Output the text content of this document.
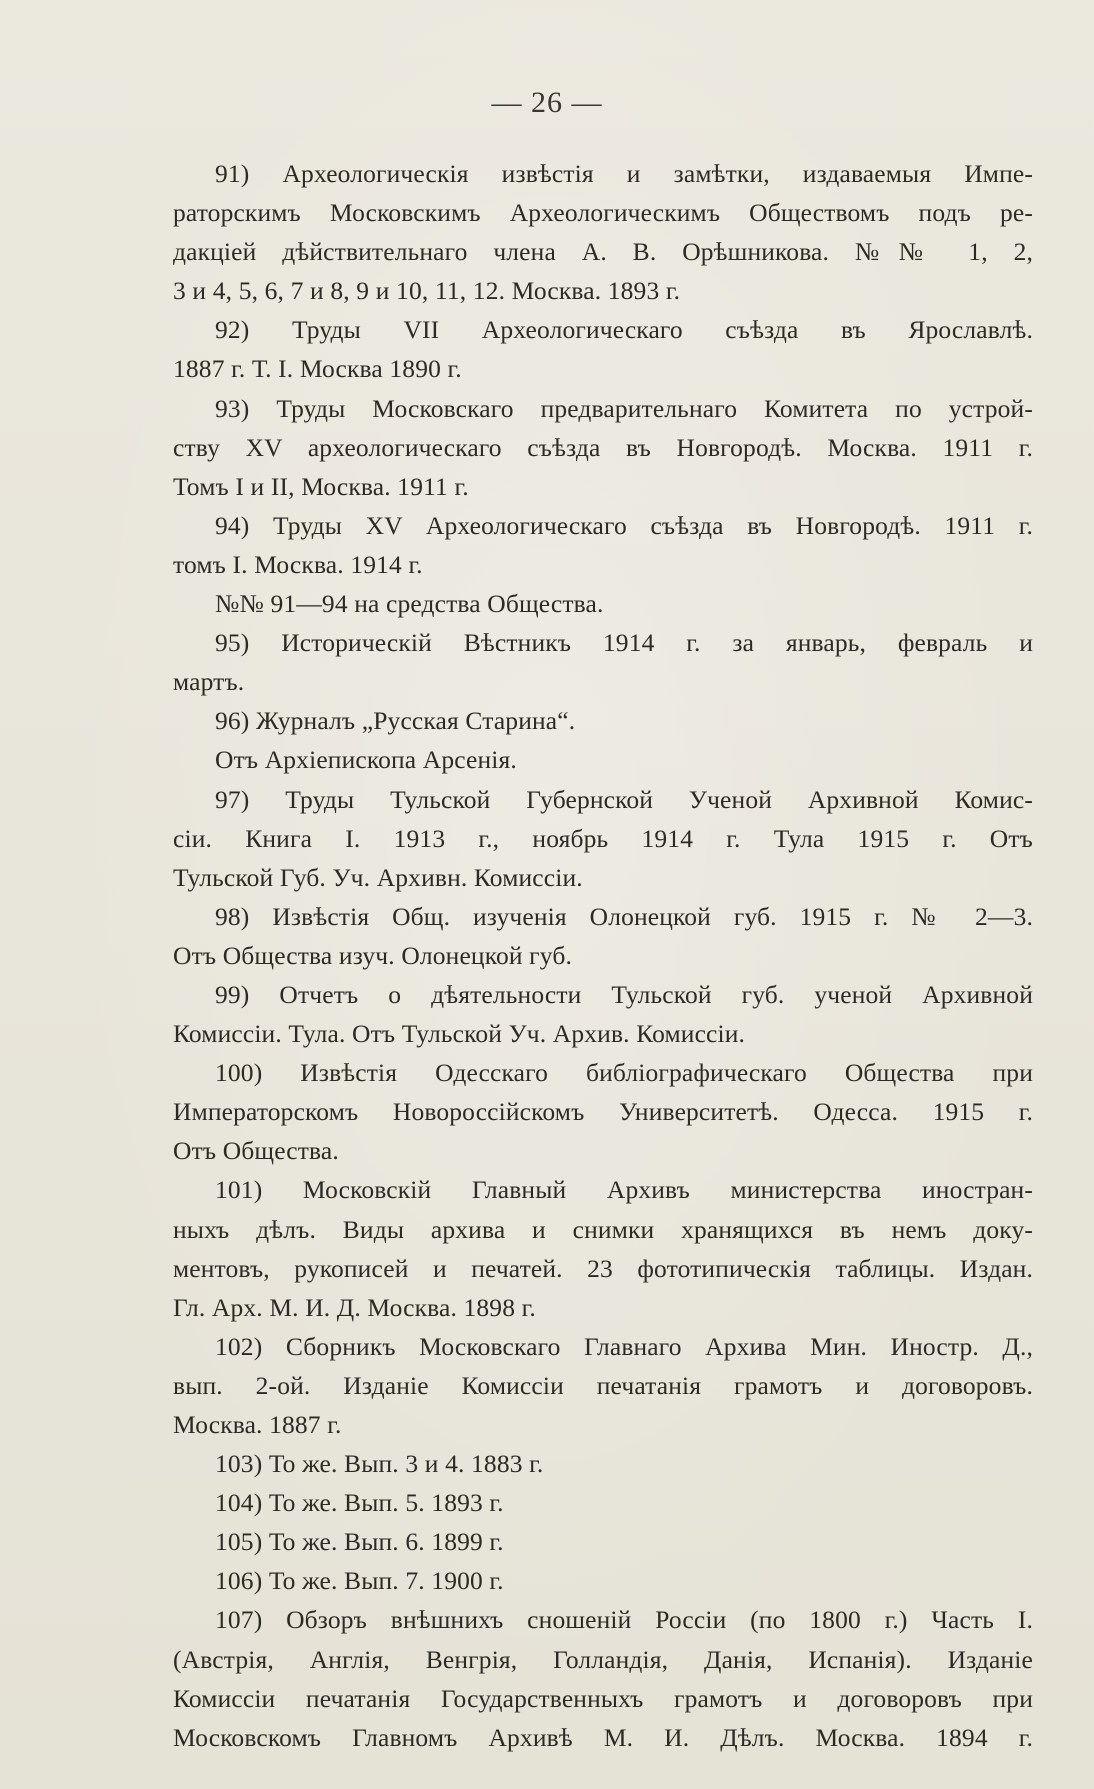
— 26 —
91) Археологическія извѣстія и замѣтки, издаваемыя Импе-
раторскимъ Московскимъ Археологическимъ Обществомъ подъ ре-
дакціей дѣйствительнаго члена А. В. Орѣшникова. №№ 1, 2,
3 и 4, 5, 6, 7 и 8, 9 и 10, 11, 12. Москва. 1893 г.
92) Труды VII Археологическаго съѣзда въ Ярославлѣ.
1887 г. Т. І. Москва 1890 г.
93) Труды Московскаго предварительнаго Комитета по устрой-
ству XV археологическаго съѣзда въ Новгородѣ. Москва. 1911 г.
Томъ I и II, Москва. 1911 г.
94) Труды XV Археологическаго съѣзда въ Новгородѣ. 1911 г.
томъ I. Москва. 1914 г.
№№ 91—94 на средства Общества.
95) Историческій Вѣстникъ 1914 г. за январь, февраль и
мартъ.
96) Журналъ „Русская Старина“.
Отъ Архіепископа Арсенія.
97) Труды Тульской Губернской Ученой Архивной Комис-
сіи. Книга I. 1913 г., ноябрь 1914 г. Тула 1915 г. Отъ
Тульской Губ. Уч. Архивн. Комиссіи.
98) Извѣстія Общ. изученія Олонецкой губ. 1915 г. № 2—3.
Отъ Общества изуч. Олонецкой губ.
99) Отчетъ о дѣятельности Тульской губ. ученой Архивной
Комиссіи. Тула. Отъ Тульской Уч. Архив. Комиссіи.
100) Извѣстія Одесскаго библіографическаго Общества при
Императорскомъ Новороссійскомъ Университетѣ. Одесса. 1915 г.
Отъ Общества.
101) Московскій Главный Архивъ министерства иностран-
ныхъ дѣлъ. Виды архива и снимки хранящихся въ немъ доку-
ментовъ, рукописей и печатей. 23 фототипическія таблицы. Издан.
Гл. Арх. М. И. Д. Москва. 1898 г.
102) Сборникъ Московскаго Главнаго Архива Мин. Иностр. Д.,
вып. 2-ой. Изданіе Комиссіи печатанія грамотъ и договоровъ.
Москва. 1887 г.
103) То же. Вып. 3 и 4. 1883 г.
104) То же. Вып. 5. 1893 г.
105) То же. Вып. 6. 1899 г.
106) То же. Вып. 7. 1900 г.
107) Обзоръ внѣшнихъ сношеній Россіи (по 1800 г.) Часть I.
(Австрія, Англія, Венгрія, Голландія, Данія, Испанія). Изданіе
Комиссіи печатанія Государственныхъ грамотъ и договоровъ при
Московскомъ Главномъ Архивѣ М. И. Дѣлъ. Москва. 1894 г.
